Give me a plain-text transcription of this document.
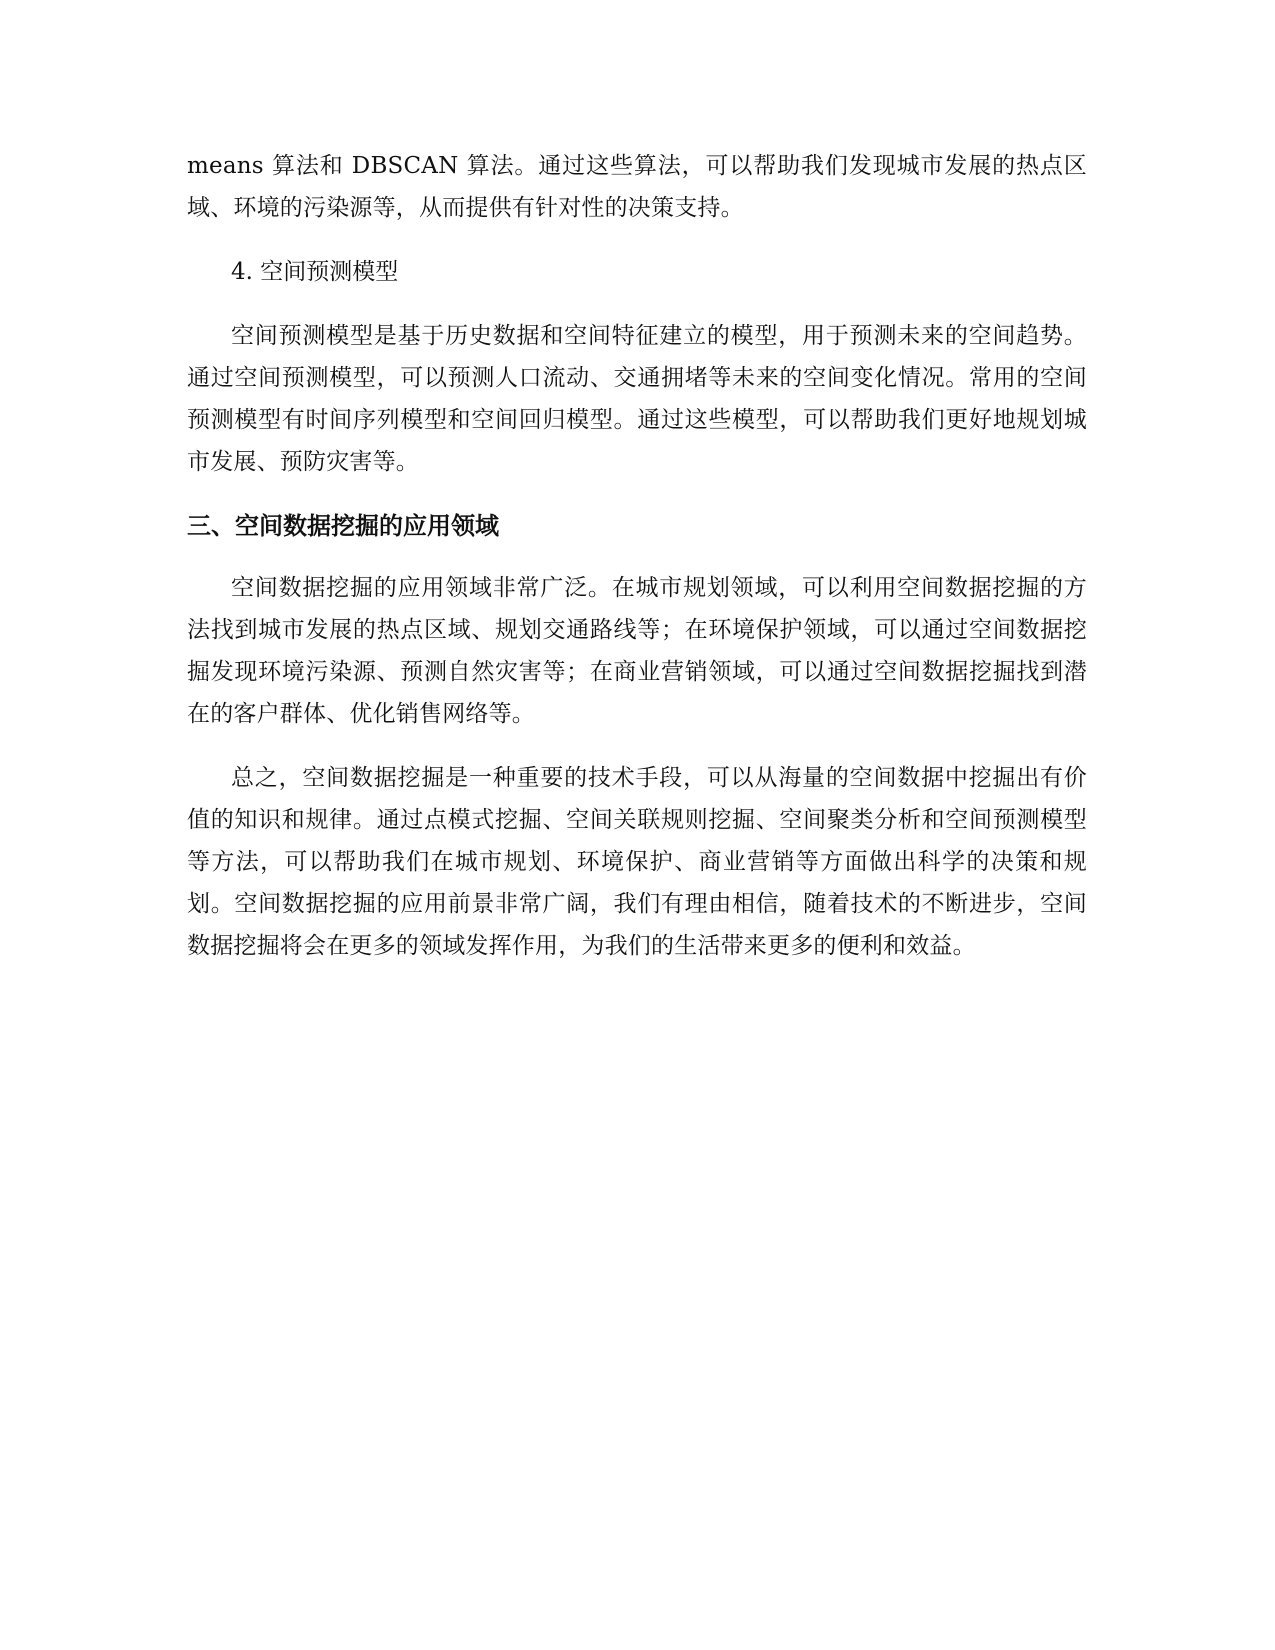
means 算法和 DBSCAN 算法。通过这些算法，可以帮助我们发现城市发展的热点区域、环境的污染源等，从而提供有针对性的决策支持。

4. 空间预测模型

空间预测模型是基于历史数据和空间特征建立的模型，用于预测未来的空间趋势。通过空间预测模型，可以预测人口流动、交通拥堵等未来的空间变化情况。常用的空间预测模型有时间序列模型和空间回归模型。通过这些模型，可以帮助我们更好地规划城市发展、预防灾害等。

三、空间数据挖掘的应用领域

空间数据挖掘的应用领域非常广泛。在城市规划领域，可以利用空间数据挖掘的方法找到城市发展的热点区域、规划交通路线等；在环境保护领域，可以通过空间数据挖掘发现环境污染源、预测自然灾害等；在商业营销领域，可以通过空间数据挖掘找到潜在的客户群体、优化销售网络等。

总之，空间数据挖掘是一种重要的技术手段，可以从海量的空间数据中挖掘出有价值的知识和规律。通过点模式挖掘、空间关联规则挖掘、空间聚类分析和空间预测模型等方法，可以帮助我们在城市规划、环境保护、商业营销等方面做出科学的决策和规划。空间数据挖掘的应用前景非常广阔，我们有理由相信，随着技术的不断进步，空间数据挖掘将会在更多的领域发挥作用，为我们的生活带来更多的便利和效益。
